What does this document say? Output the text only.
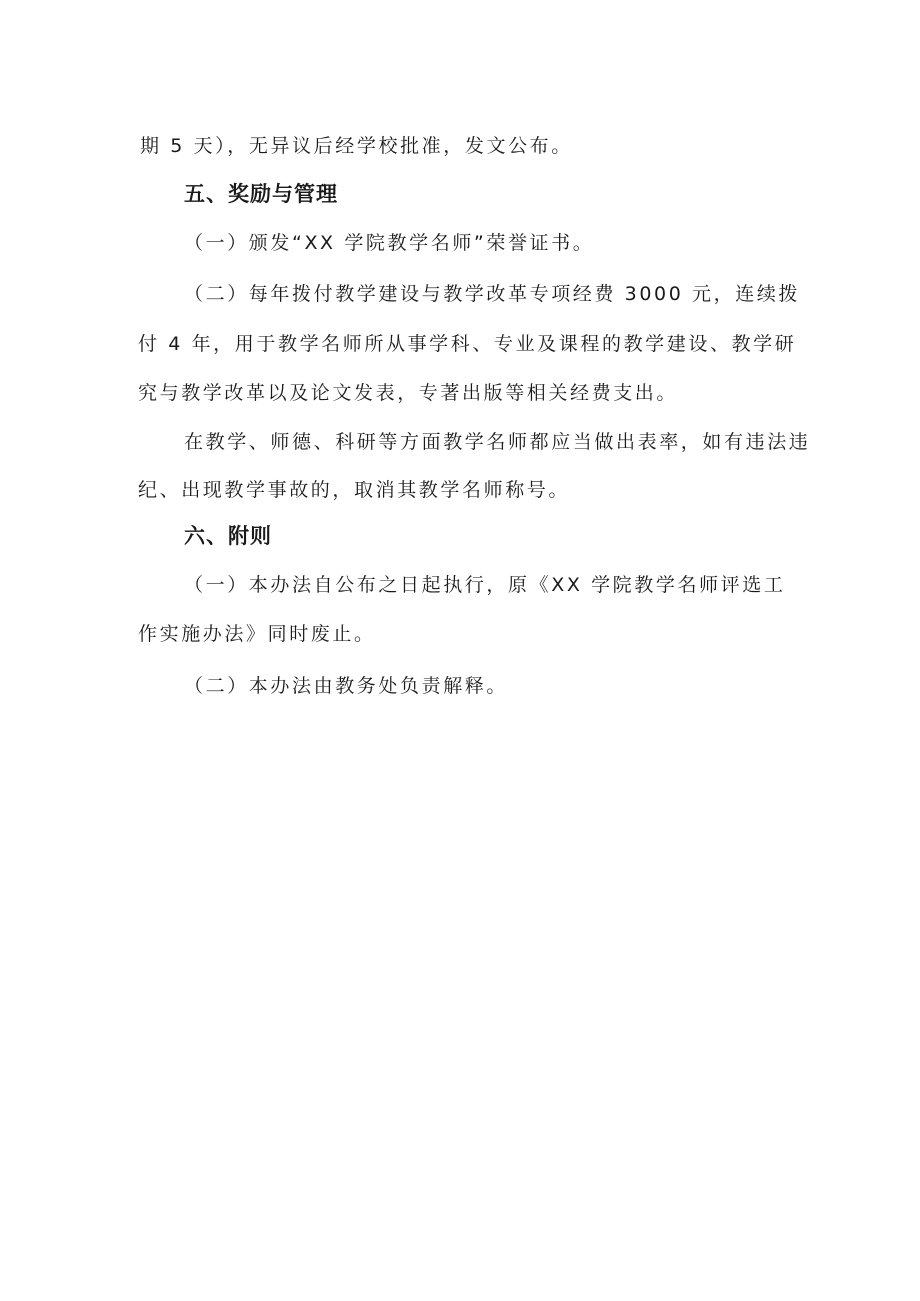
期 5 天），无异议后经学校批准，发文公布。
五、奖励与管理
（一）颁发“XX 学院教学名师”荣誉证书。
（二）每年拨付教学建设与教学改革专项经费 3000 元，连续拨
付 4 年，用于教学名师所从事学科、专业及课程的教学建设、教学研
究与教学改革以及论文发表，专著出版等相关经费支出。
在教学、师德、科研等方面教学名师都应当做出表率，如有违法违
纪、出现教学事故的，取消其教学名师称号。
六、附则
（一）本办法自公布之日起执行，原《XX 学院教学名师评选工
作实施办法》同时废止。
（二）本办法由教务处负责解释。
